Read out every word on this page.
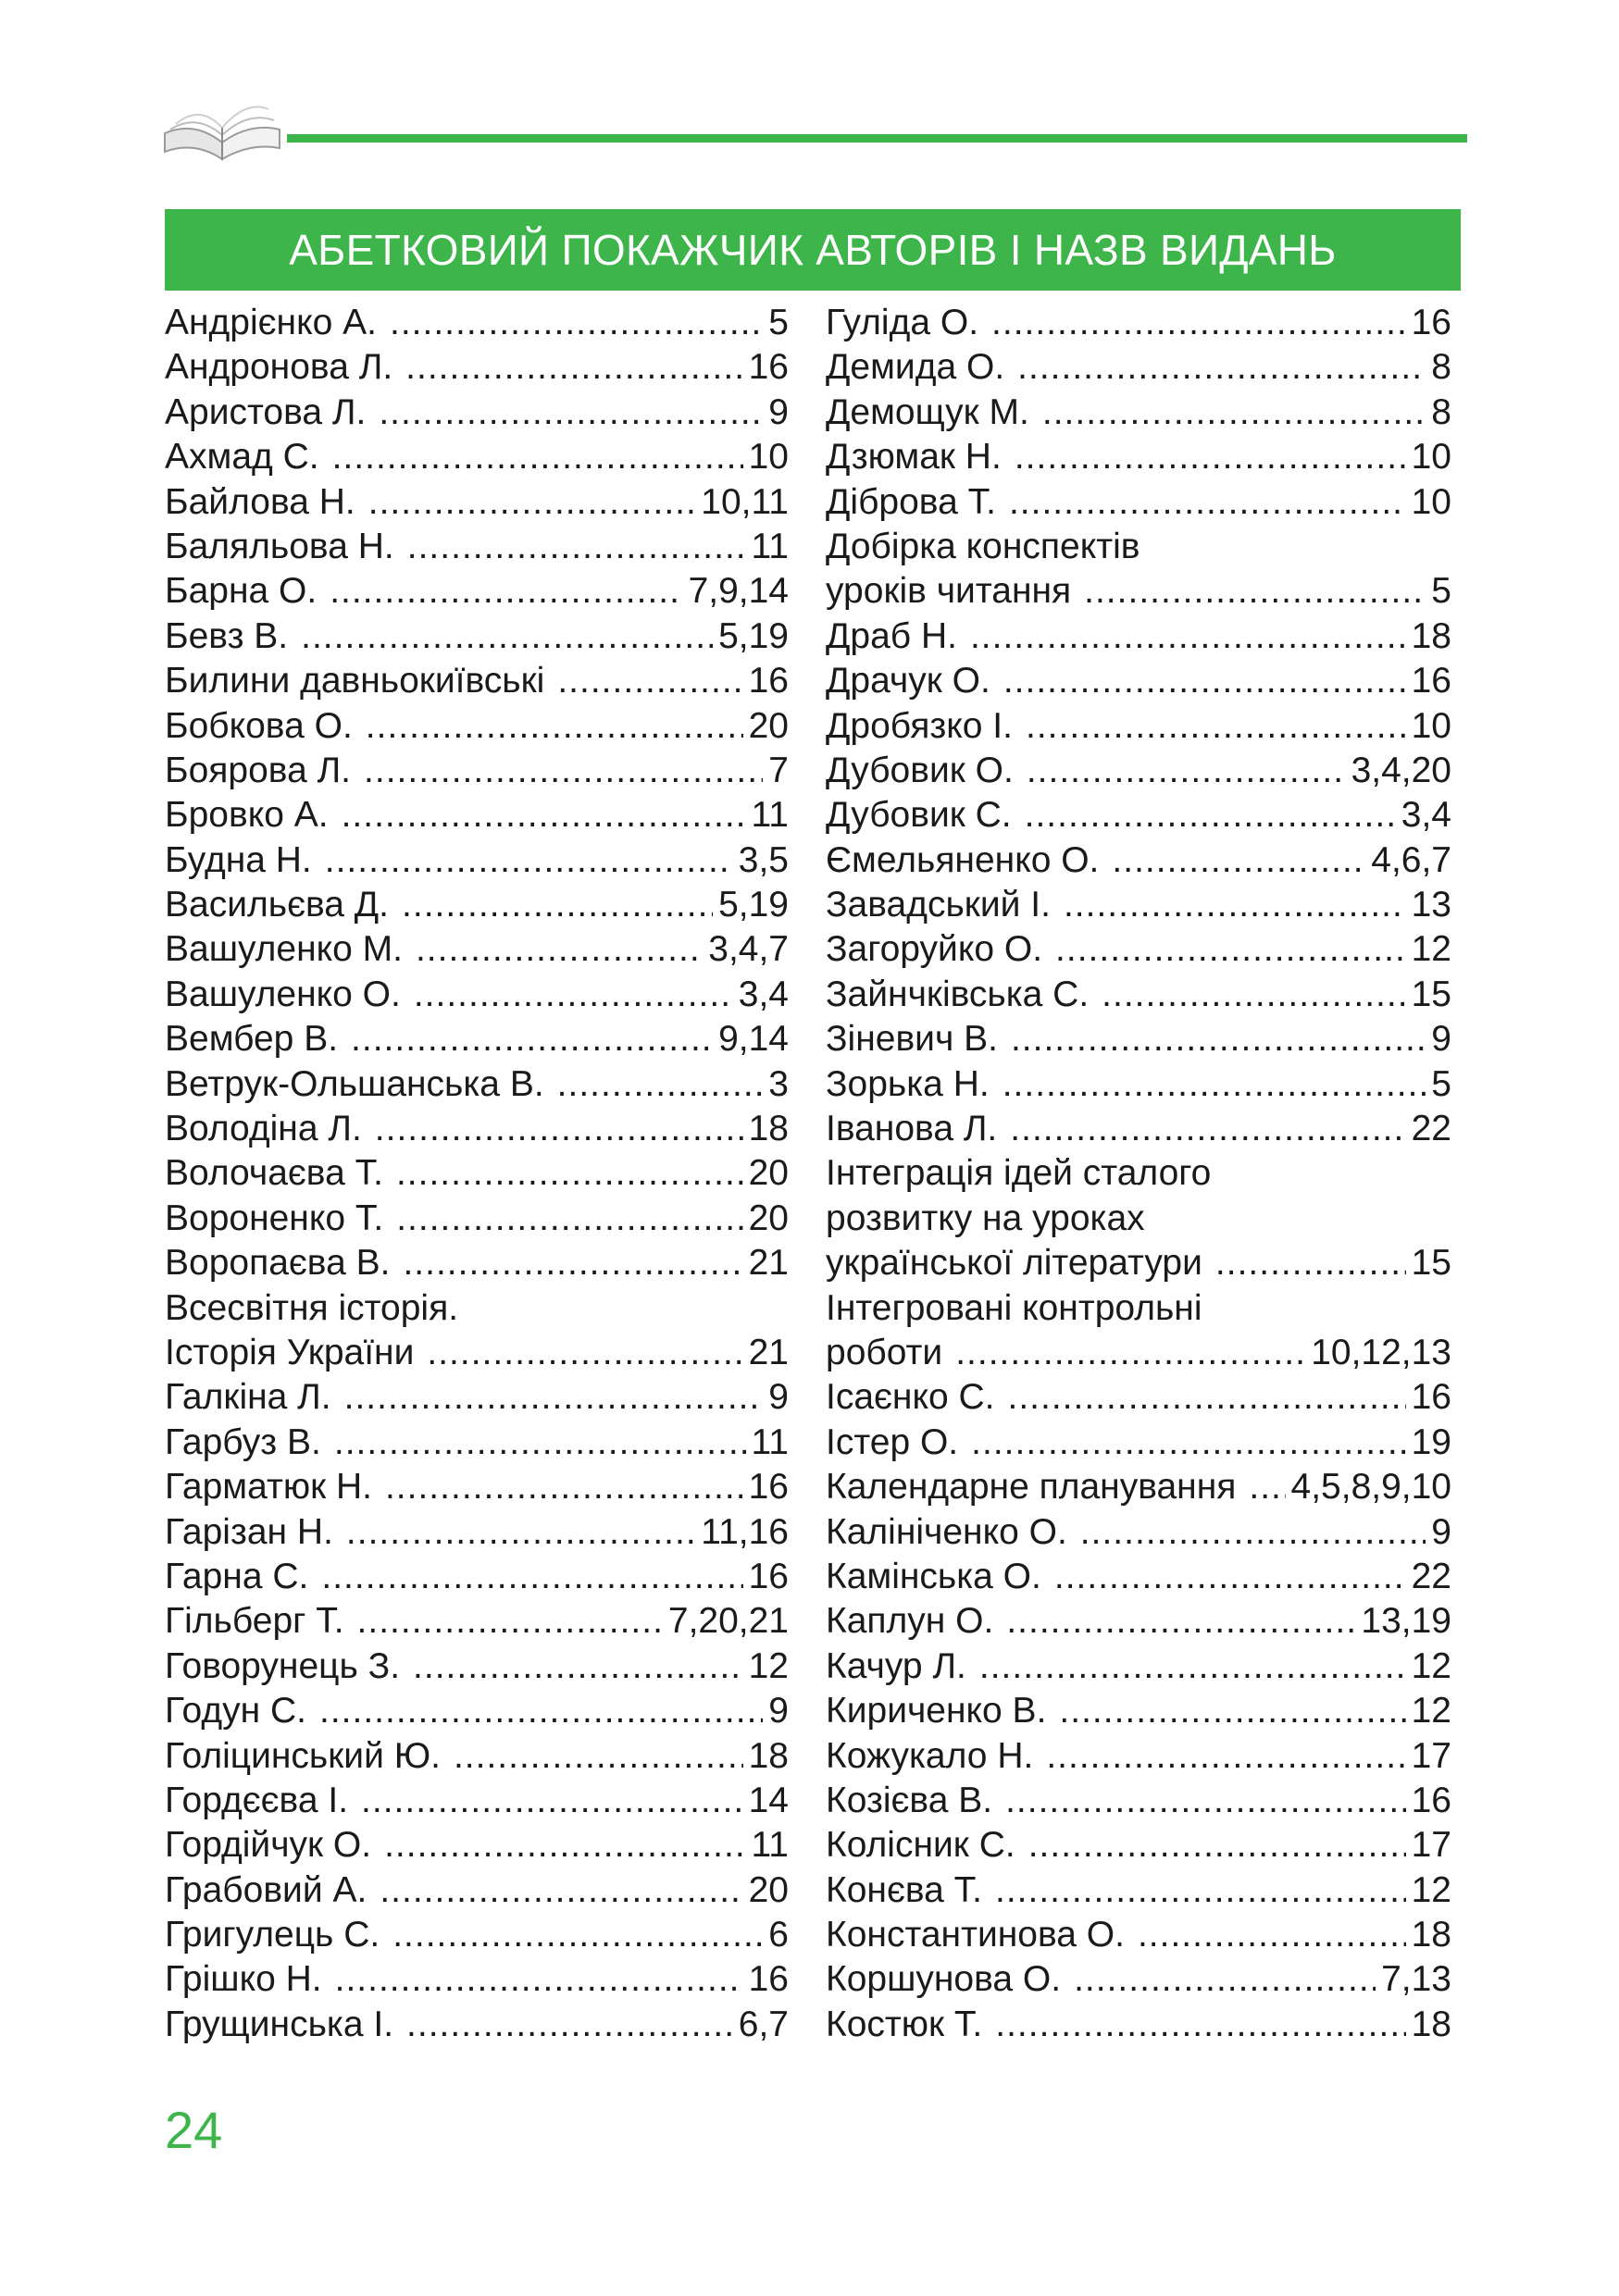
АБЕТКОВИЙ ПОКАЖЧИК АВТОРІВ І НАЗВ ВИДАНЬ
Андрієнко А. .....	5
Андронова Л. .....	16
Аристова Л. .....	9
Ахмад С. .....	10
Байлова Н. .....	10,11
Баляльова Н. .....	11
Барна О. .....	7,9,14
Бевз В. .....	5,19
Билини давньокиївські .....	16
Бобкова О. .....	20
Боярова Л. .....	7
Бровко А. .....	11
Будна Н. .....	3,5
Васильєва Д. .....	5,19
Вашуленко М. .....	3,4,7
Вашуленко О. .....	3,4
Вембер В. .....	9,14
Ветрук-Ольшанська В. .....	3
Володіна Л. .....	18
Волочаєва Т. .....	20
Вороненко Т. .....	20
Воропаєва В. .....	21
Всесвітня історія.
Історія України .....	21
Галкіна Л. .....	9
Гарбуз В. .....	11
Гарматюк Н. .....	16
Гарізан Н. .....	11,16
Гарна С. .....	16
Гільберг Т. .....	7,20,21
Говорунець З. .....	12
Годун С. .....	9
Голіцинський Ю. .....	18
Гордєєва І. .....	14
Гордійчук О. .....	11
Грабовий А. .....	20
Григулець С. .....	6
Грішко Н. .....	16
Грущинська І. .....	6,7
Гуліда О. .....	16
Демида О. .....	8
Демощук М. .....	8
Дзюмак Н. .....	10
Діброва Т. .....	10
Добірка конспектів
уроків читання .....	5
Драб Н. .....	18
Драчук О. .....	16
Дробязко І. .....	10
Дубовик О. .....	3,4,20
Дубовик С. .....	3,4
Ємельяненко О. .....	4,6,7
Завадський І. .....	13
Загоруйко О. .....	12
Зайнчківська С. .....	15
Зіневич В. .....	9
Зорька Н. .....	5
Іванова Л. .....	22
Інтеграція ідей сталого
розвитку на уроках
української літератури .....	15
Інтегровані контрольні
роботи .....	10,12,13
Ісаєнко С. .....	16
Істер О. .....	19
Календарне планування ..... 4,5,8,9,10
Калініченко О. .....	9
Камінська О. .....	22
Каплун О. .....	13,19
Качур Л. .....	12
Кириченко В. .....	12
Кожукало Н. .....	17
Козієва В. .....	16
Колісник С. .....	17
Конєва Т. .....	12
Константинова О. .....	18
Коршунова О. .....	7,13
Костюк Т. .....	18
24
